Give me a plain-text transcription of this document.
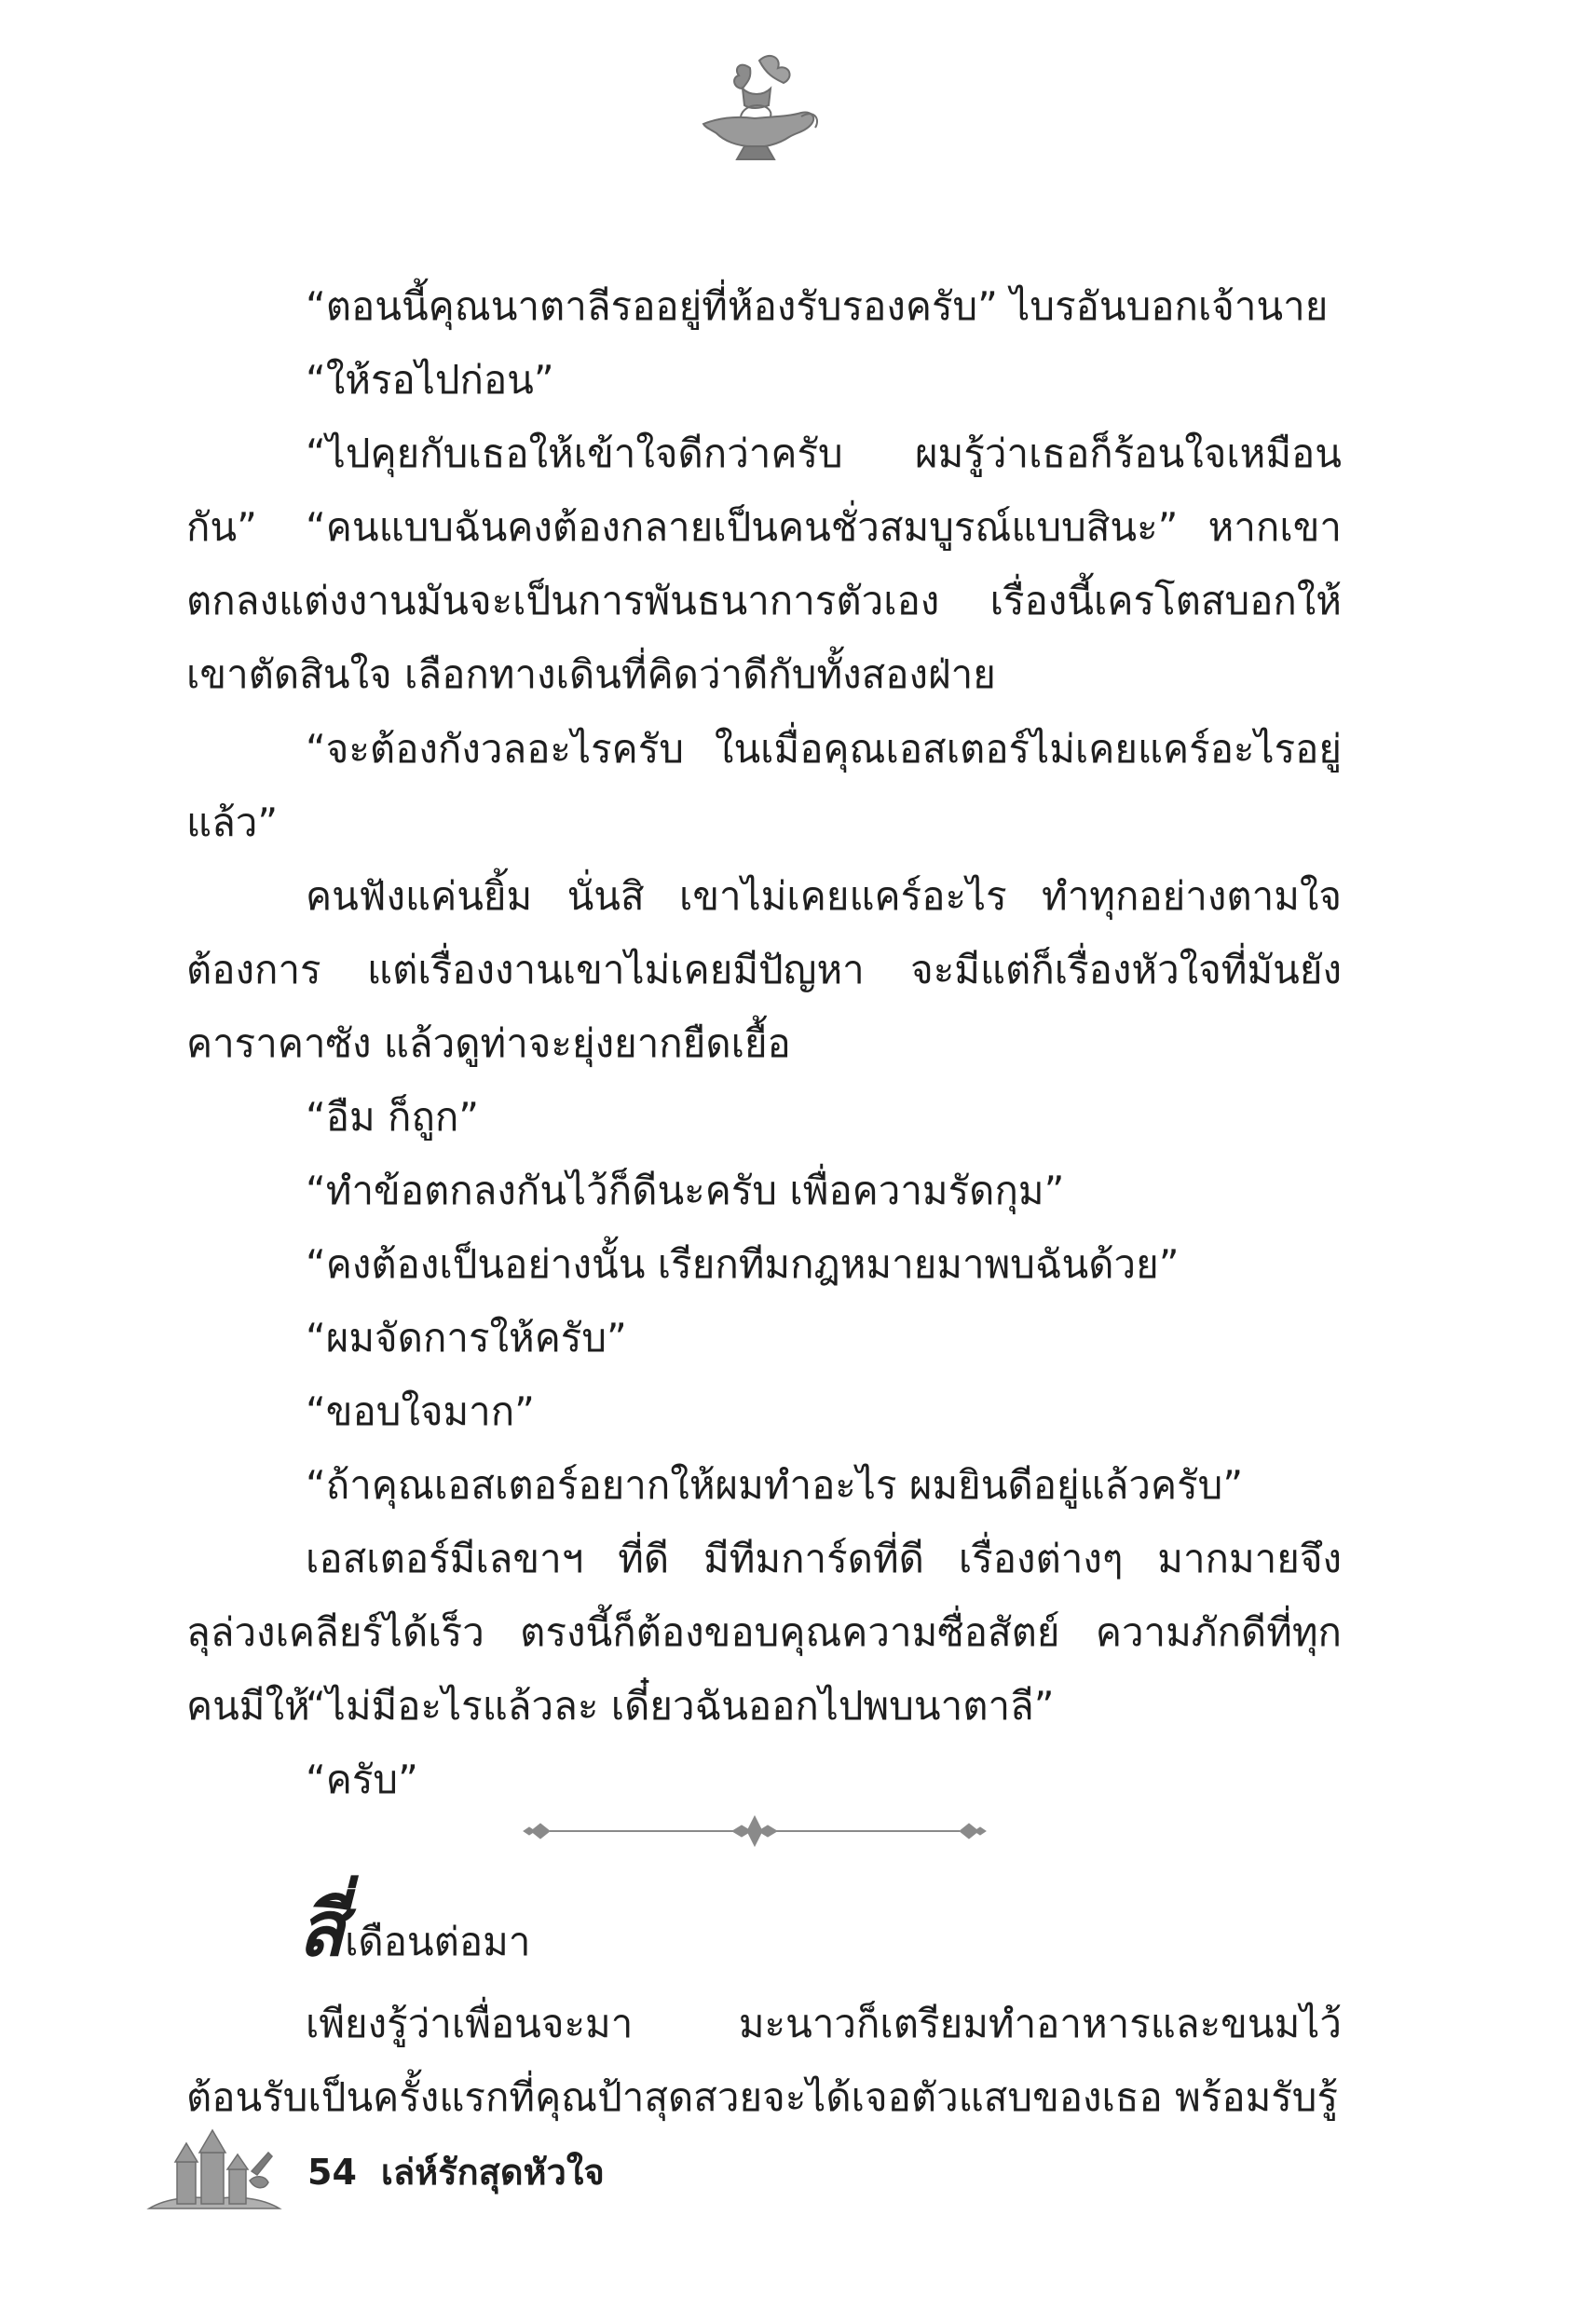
“ตอนนี้คุณนาตาลีรออยู่ที่ห้องรับรองครับ” ไบรอันบอกเจ้านาย

“ให้รอไปก่อน”

“ไปคุยกับเธอให้เข้าใจดีกว่าครับ ผมรู้ว่าเธอก็ร้อนใจเหมือนกัน”	“คนแบบฉันคงต้องกลายเป็นคนชั่วสมบูรณ์แบบสินะ” หากเขาตกลงแต่งงานมันจะเป็นการพันธนาการตัวเอง เรื่องนี้เครโตสบอกให้เขาตัดสินใจ เลือกทางเดินที่คิดว่าดีกับทั้งสองฝ่าย

“จะต้องกังวลอะไรครับ ในเมื่อคุณเอสเตอร์ไม่เคยแคร์อะไรอยู่แล้ว”

คนฟังแค่นยิ้ม นั่นสิ เขาไม่เคยแคร์อะไร ทำทุกอย่างตามใจต้องการ แต่เรื่องงานเขาไม่เคยมีปัญหา จะมีแต่ก็เรื่องหัวใจที่มันยังคาราคาซัง แล้วดูท่าจะยุ่งยากยืดเยื้อ

“อืม ก็ถูก”

“ทำข้อตกลงกันไว้ก็ดีนะครับ เพื่อความรัดกุม”

“คงต้องเป็นอย่างนั้น เรียกทีมกฎหมายมาพบฉันด้วย”

“ผมจัดการให้ครับ”

“ขอบใจมาก”

“ถ้าคุณเอสเตอร์อยากให้ผมทำอะไร ผมยินดีอยู่แล้วครับ”

เอสเตอร์มีเลขาฯ ที่ดี มีทีมการ์ดที่ดี เรื่องต่างๆ มากมายจึงลุล่วงเคลียร์ได้เร็ว ตรงนี้ก็ต้องขอบคุณความซื่อสัตย์ ความภักดีที่ทุกคนมีให้

“ไม่มีอะไรแล้วละ เดี๋ยวฉันออกไปพบนาตาลี”

“ครับ”

เพียงรู้ว่าเพื่อนจะมา มะนาวก็เตรียมทำอาหารและขนมไว้ต้อนรับเป็นครั้งแรกที่คุณป้าสุดสวยจะได้เจอตัวแสบของเธอ พร้อมรับรู้

สี่เดือนต่อมา
54 เล่ห์รักสุดหัวใจ
